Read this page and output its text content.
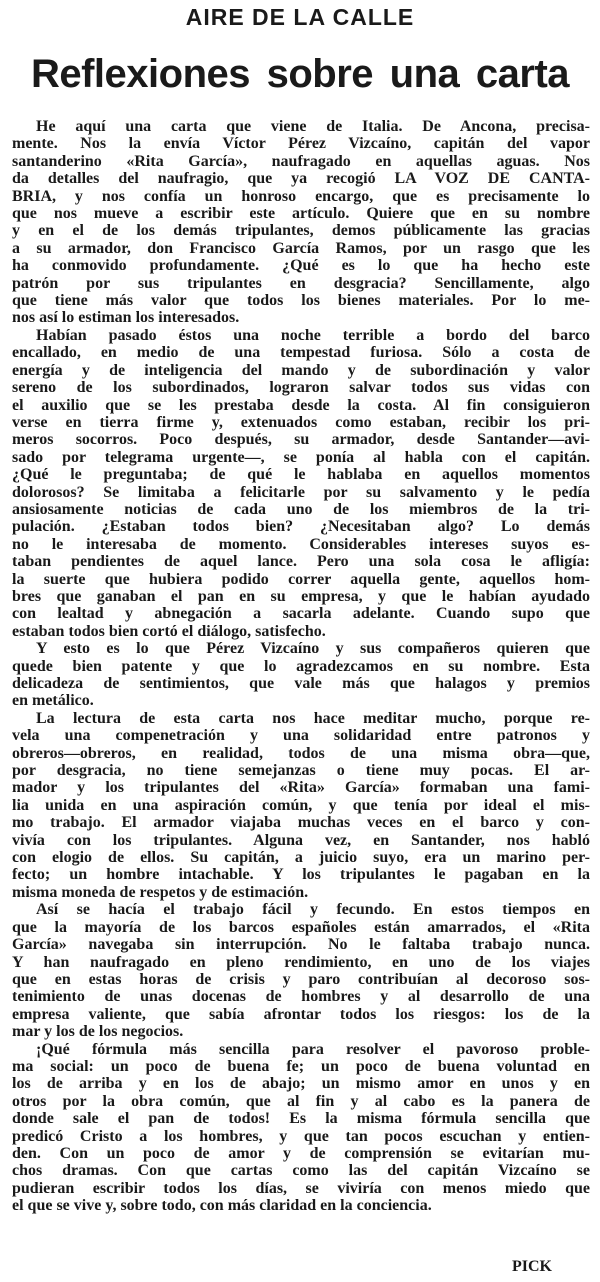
AIRE DE LA CALLE
Reflexiones sobre una carta
He aquí una carta que viene de Italia. De Ancona, precisa-
mente. Nos la envía Víctor Pérez Vizcaíno, capitán del vapor
santanderino «Rita García», naufragado en aquellas aguas. Nos
da detalles del naufragio, que ya recogió LA VOZ DE CANTA-
BRIA, y nos confía un honroso encargo, que es precisamente lo
que nos mueve a escribir este artículo. Quiere que en su nombre
y en el de los demás tripulantes, demos públicamente las gracias
a su armador, don Francisco García Ramos, por un rasgo que les
ha conmovido profundamente. ¿Qué es lo que ha hecho este
patrón por sus tripulantes en desgracia? Sencillamente, algo
que tiene más valor que todos los bienes materiales. Por lo me-
nos así lo estiman los interesados.
Habían pasado éstos una noche terrible a bordo del barco
encallado, en medio de una tempestad furiosa. Sólo a costa de
energía y de inteligencia del mando y de subordinación y valor
sereno de los subordinados, lograron salvar todos sus vidas con
el auxilio que se les prestaba desde la costa. Al fin consiguieron
verse en tierra firme y, extenuados como estaban, recibir los pri-
meros socorros. Poco después, su armador, desde Santander—avi-
sado por telegrama urgente—, se ponía al habla con el capitán.
¿Qué le preguntaba; de qué le hablaba en aquellos momentos
dolorosos? Se limitaba a felicitarle por su salvamento y le pedía
ansiosamente noticias de cada uno de los miembros de la tri-
pulación. ¿Estaban todos bien? ¿Necesitaban algo? Lo demás
no le interesaba de momento. Considerables intereses suyos es-
taban pendientes de aquel lance. Pero una sola cosa le afligía:
la suerte que hubiera podido correr aquella gente, aquellos hom-
bres que ganaban el pan en su empresa, y que le habían ayudado
con lealtad y abnegación a sacarla adelante. Cuando supo que
estaban todos bien cortó el diálogo, satisfecho.
Y esto es lo que Pérez Vizcaíno y sus compañeros quieren que
quede bien patente y que lo agradezcamos en su nombre. Esta
delicadeza de sentimientos, que vale más que halagos y premios
en metálico.
La lectura de esta carta nos hace meditar mucho, porque re-
vela una compenetración y una solidaridad entre patronos y
obreros—obreros, en realidad, todos de una misma obra—que,
por desgracia, no tiene semejanzas o tiene muy pocas. El ar-
mador y los tripulantes del «Rita» García» formaban una fami-
lia unida en una aspiración común, y que tenía por ideal el mis-
mo trabajo. El armador viajaba muchas veces en el barco y con-
vivía con los tripulantes. Alguna vez, en Santander, nos habló
con elogio de ellos. Su capitán, a juicio suyo, era un marino per-
fecto; un hombre intachable. Y los tripulantes le pagaban en la
misma moneda de respetos y de estimación.
Así se hacía el trabajo fácil y fecundo. En estos tiempos en
que la mayoría de los barcos españoles están amarrados, el «Rita
García» navegaba sin interrupción. No le faltaba trabajo nunca.
Y han naufragado en pleno rendimiento, en uno de los viajes
que en estas horas de crisis y paro contribuían al decoroso sos-
tenimiento de unas docenas de hombres y al desarrollo de una
empresa valiente, que sabía afrontar todos los riesgos: los de la
mar y los de los negocios.
¡Qué fórmula más sencilla para resolver el pavoroso proble-
ma social: un poco de buena fe; un poco de buena voluntad en
los de arriba y en los de abajo; un mismo amor en unos y en
otros por la obra común, que al fin y al cabo es la panera de
donde sale el pan de todos! Es la misma fórmula sencilla que
predicó Cristo a los hombres, y que tan pocos escuchan y entien-
den. Con un poco de amor y de comprensión se evitarían mu-
chos dramas. Con que cartas como las del capitán Vizcaíno se
pudieran escribir todos los días, se viviría con menos miedo que
el que se vive y, sobre todo, con más claridad en la conciencia.
PICK
